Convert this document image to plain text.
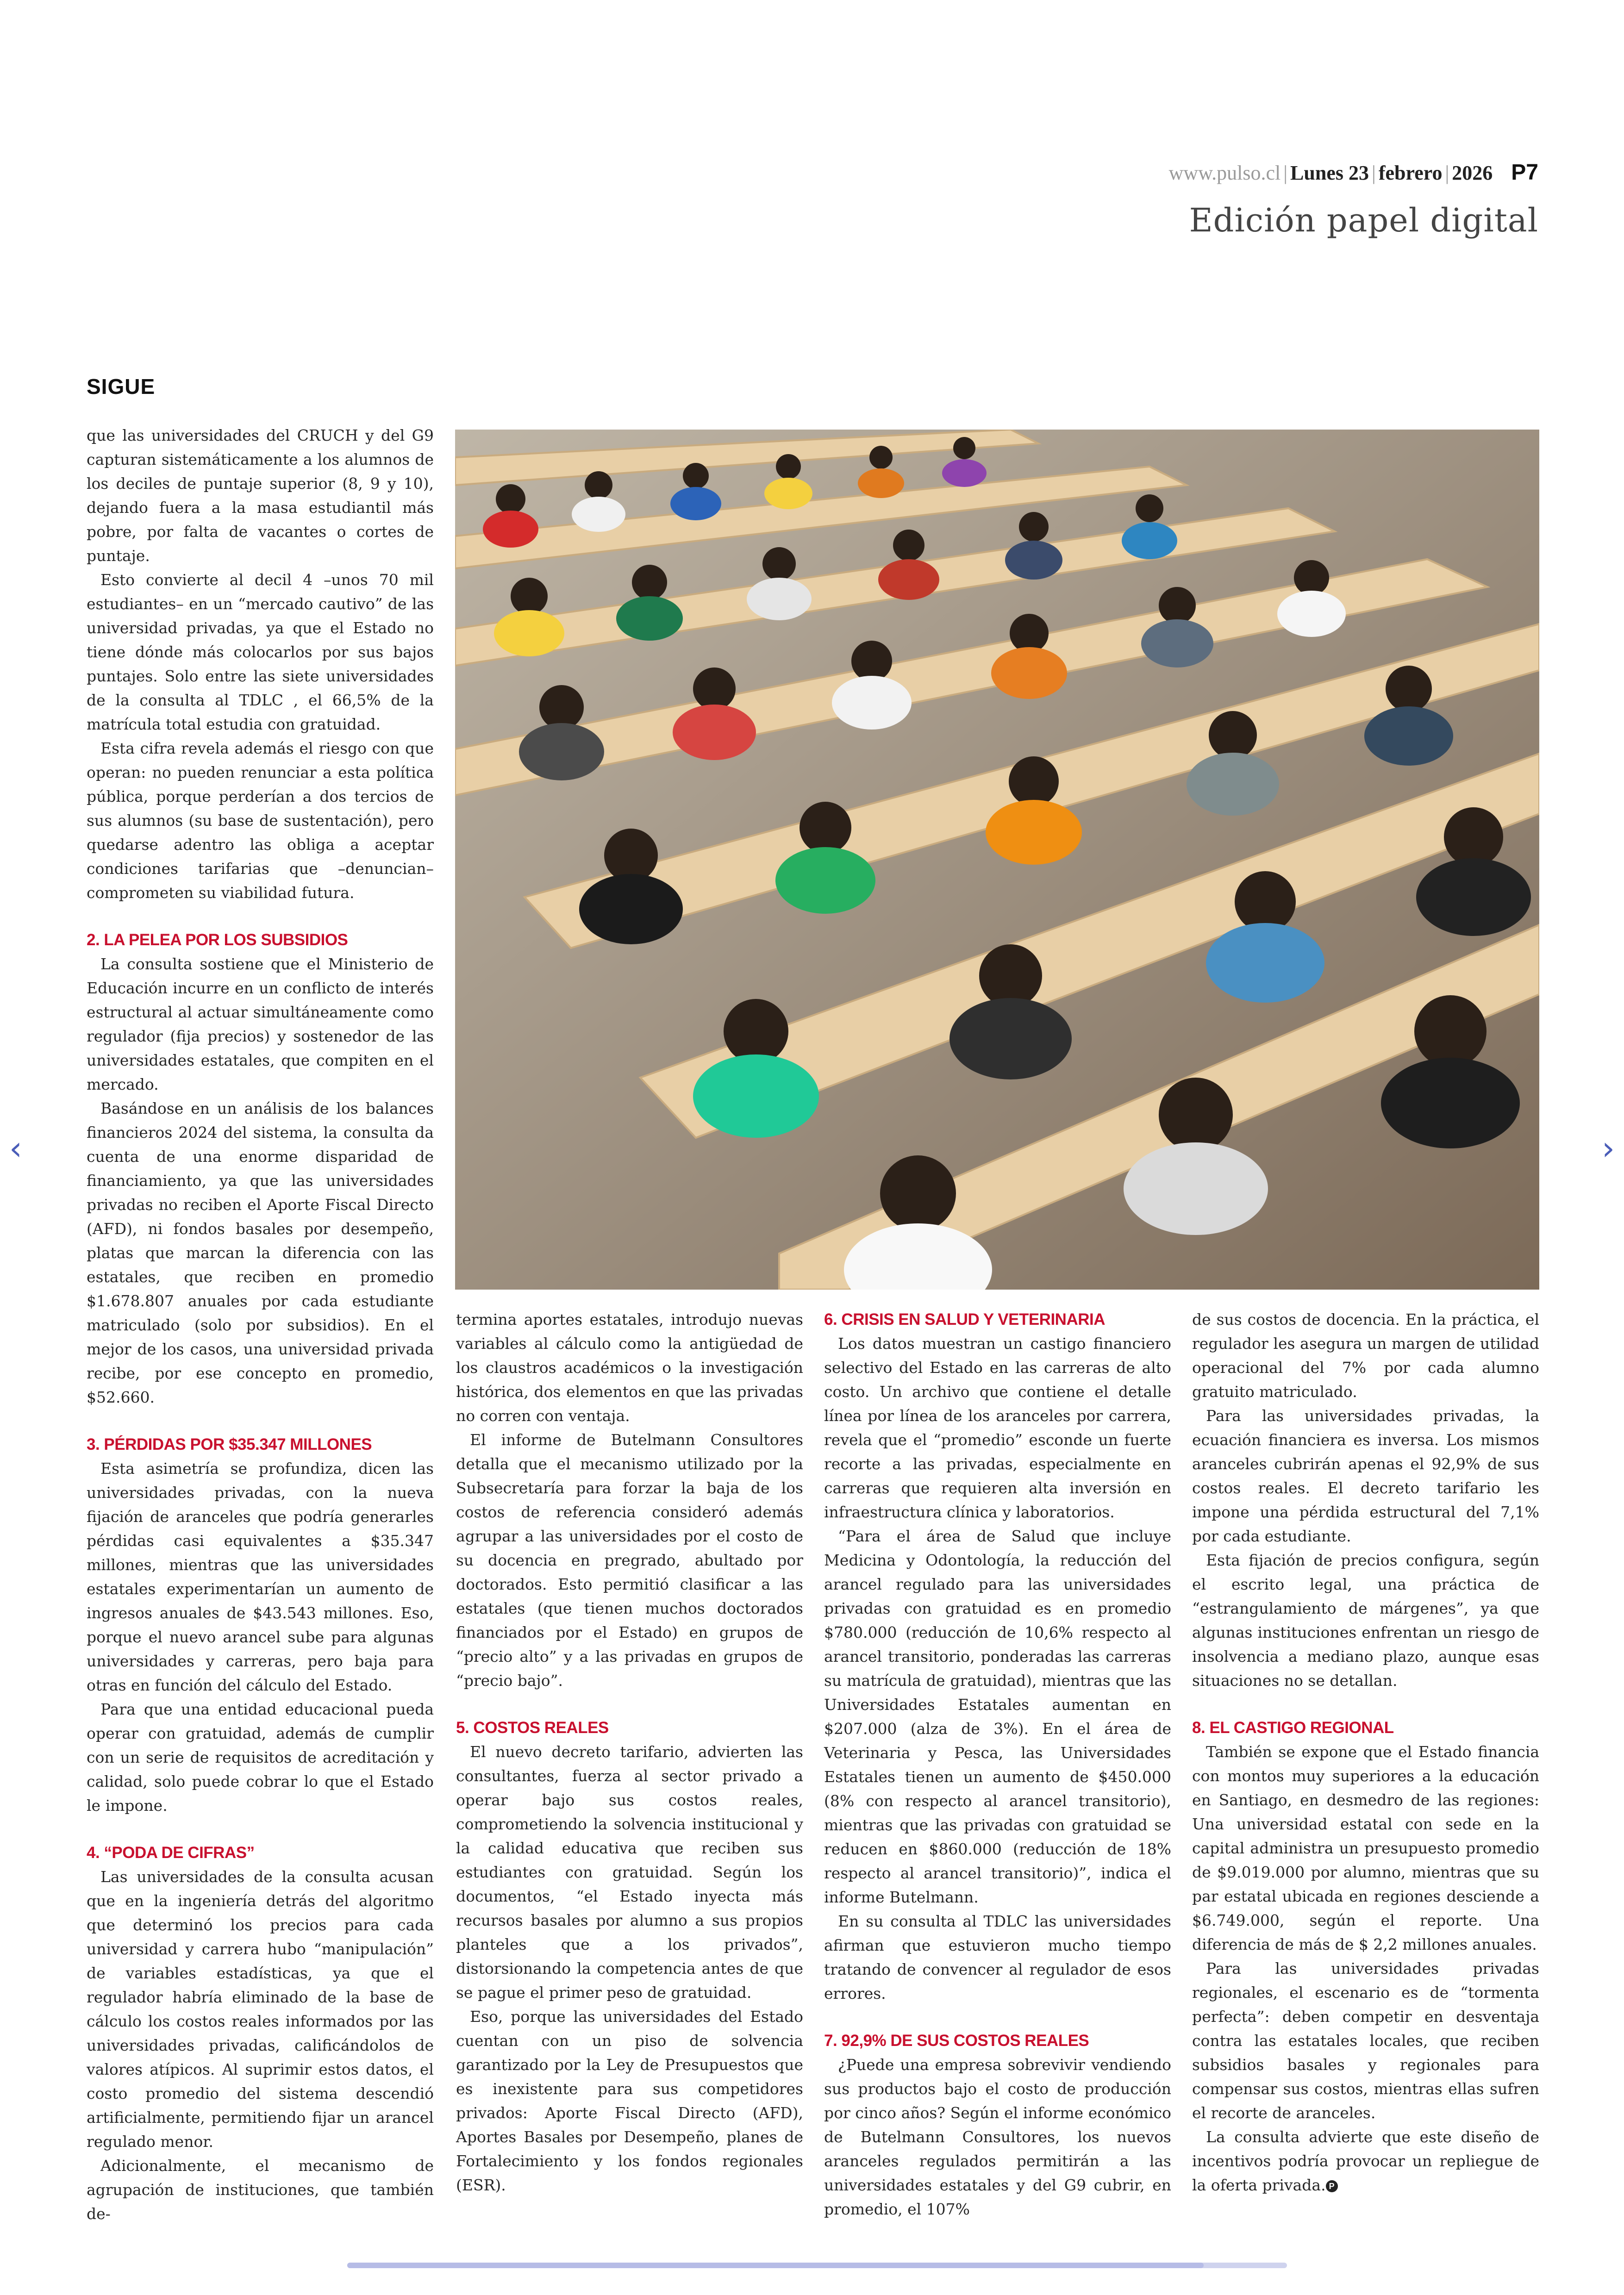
www.pulso.cl | Lunes 23 | febrero | 2026 P7
Edición papel digital
SIGUE

que las universidades del CRUCH y del G9 capturan sistemáticamente a los alumnos de los deciles de puntaje superior (8, 9 y 10), dejando fuera a la masa estudiantil más pobre, por falta de vacantes o cortes de puntaje.

Esto convierte al decil 4 –unos 70 mil estudiantes– en un “mercado cautivo” de las universidad privadas, ya que el Estado no tiene dónde más colocarlos por sus bajos puntajes. Solo entre las siete universidades de la consulta al TDLC , el 66,5% de la matrícula total estudia con gratuidad.

Esta cifra revela además el riesgo con que operan: no pueden renunciar a esta política pública, porque perderían a dos tercios de sus alumnos (su base de sustentación), pero quedarse adentro las obliga a aceptar condiciones tarifarias que –denuncian– comprometen su viabilidad futura.

2. LA PELEA POR LOS SUBSIDIOS

La consulta sostiene que el Ministerio de Educación incurre en un conflicto de interés estructural al actuar simultáneamente como regulador (fija precios) y sostenedor de las universidades estatales, que compiten en el mercado.

Basándose en un análisis de los balances financieros 2024 del sistema, la consulta da cuenta de una enorme disparidad de financiamiento, ya que las universidades privadas no reciben el Aporte Fiscal Directo (AFD), ni fondos basales por desempeño, platas que marcan la diferencia con las estatales, que reciben en promedio $1.678.807 anuales por cada estudiante matriculado (solo por subsidios). En el mejor de los casos, una universidad privada recibe, por ese concepto en promedio, $52.660.

3. PÉRDIDAS POR $35.347 MILLONES

Esta asimetría se profundiza, dicen las universidades privadas, con la nueva fijación de aranceles que podría generarles pérdidas casi equivalentes a $35.347 millones, mientras que las universidades estatales experimentarían un aumento de ingresos anuales de $43.543 millones. Eso, porque el nuevo arancel sube para algunas universidades y carreras, pero baja para otras en función del cálculo del Estado.

Para que una entidad educacional pueda operar con gratuidad, además de cumplir con un serie de requisitos de acreditación y calidad, solo puede cobrar lo que el Estado le impone.

4. “PODA DE CIFRAS”

Las universidades de la consulta acusan que en la ingeniería detrás del algoritmo que determinó los precios para cada universidad y carrera hubo “manipulación” de variables estadísticas, ya que el regulador habría eliminado de la base de cálculo los costos reales informados por las universidades privadas, calificándolos de valores atípicos. Al suprimir estos datos, el costo promedio del sistema descendió artificialmente, permitiendo fijar un arancel regulado menor.

Adicionalmente, el mecanismo de agrupación de instituciones, que también de-

termina aportes estatales, introdujo nuevas variables al cálculo como la antigüedad de los claustros académicos o la investigación histórica, dos elementos en que las privadas no corren con ventaja.

El informe de Butelmann Consultores detalla que el mecanismo utilizado por la Subsecretaría para forzar la baja de los costos de referencia consideró además agrupar a las universidades por el costo de su docencia en pregrado, abultado por doctorados. Esto permitió clasificar a las estatales (que tienen muchos doctorados financiados por el Estado) en grupos de “precio alto” y a las privadas en grupos de “precio bajo”.

5. COSTOS REALES

El nuevo decreto tarifario, advierten las consultantes, fuerza al sector privado a operar bajo sus costos reales, comprometiendo la solvencia institucional y la calidad educativa que reciben sus estudiantes con gratuidad. Según los documentos, “el Estado inyecta más recursos basales por alumno a sus propios planteles que a los privados”, distorsionando la competencia antes de que se pague el primer peso de gratuidad.

Eso, porque las universidades del Estado cuentan con un piso de solvencia garantizado por la Ley de Presupuestos que es inexistente para sus competidores privados: Aporte Fiscal Directo (AFD), Aportes Basales por Desempeño, planes de Fortalecimiento y los fondos regionales (ESR).

6. CRISIS EN SALUD Y VETERINARIA

Los datos muestran un castigo financiero selectivo del Estado en las carreras de alto costo. Un archivo que contiene el detalle línea por línea de los aranceles por carrera, revela que el “promedio” esconde un fuerte recorte a las privadas, especialmente en carreras que requieren alta inversión en infraestructura clínica y laboratorios.

“Para el área de Salud que incluye Medicina y Odontología, la reducción del arancel regulado para las universidades privadas con gratuidad es en promedio $780.000 (reducción de 10,6% respecto al arancel transitorio, ponderadas las carreras su matrícula de gratuidad), mientras que las Universidades Estatales aumentan en $207.000 (alza de 3%). En el área de Veterinaria y Pesca, las Universidades Estatales tienen un aumento de $450.000 (8% con respecto al arancel transitorio), mientras que las privadas con gratuidad se reducen en $860.000 (reducción de 18% respecto al arancel transitorio)”, indica el informe Butelmann.

En su consulta al TDLC las universidades afirman que estuvieron mucho tiempo tratando de convencer al regulador de esos errores.

7. 92,9% DE SUS COSTOS REALES

¿Puede una empresa sobrevivir vendiendo sus productos bajo el costo de producción por cinco años? Según el informe económico de Butelmann Consultores, los nuevos aranceles regulados permitirán a las universidades estatales y del G9 cubrir, en promedio, el 107%

de sus costos de docencia. En la práctica, el regulador les asegura un margen de utilidad operacional del 7% por cada alumno gratuito matriculado.

Para las universidades privadas, la ecuación financiera es inversa. Los mismos aranceles cubrirán apenas el 92,9% de sus costos reales. El decreto tarifario les impone una pérdida estructural del 7,1% por cada estudiante.

Esta fijación de precios configura, según el escrito legal, una práctica de “estrangulamiento de márgenes”, ya que algunas instituciones enfrentan un riesgo de insolvencia a mediano plazo, aunque esas situaciones no se detallan.

8. EL CASTIGO REGIONAL

También se expone que el Estado financia con montos muy superiores a la educación en Santiago, en desmedro de las regiones: Una universidad estatal con sede en la capital administra un presupuesto promedio de $9.019.000 por alumno, mientras que su par estatal ubicada en regiones desciende a $6.749.000, según el reporte. Una diferencia de más de $ 2,2 millones anuales.

Para las universidades privadas regionales, el escenario es de “tormenta perfecta”: deben competir en desventaja contra las estatales locales, que reciben subsidios basales y regionales para compensar sus costos, mientras ellas sufren el recorte de aranceles.

La consulta advierte que este diseño de incentivos podría provocar un repliegue de la oferta privada. P

‹	›
